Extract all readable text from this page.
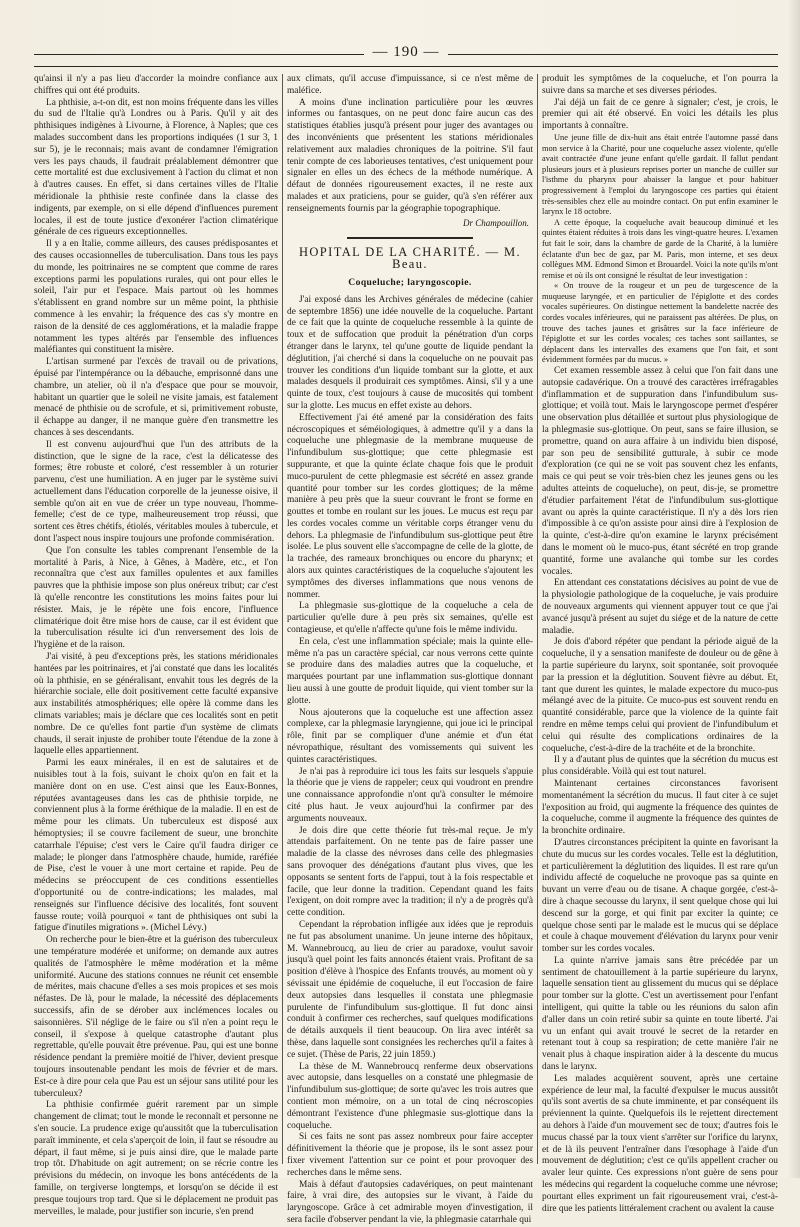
— 190 —

qu'ainsi il n'y a pas lieu d'accorder la moindre confiance aux chiffres qui ont été produits.

La phthisie, a-t-on dit, est non moins fréquente dans les villes du sud de l'Italie qu'à Londres ou à Paris. Qu'il y ait des phthisiques indigènes à Livourne, à Florence, à Naples; que ces malades succombent dans les proportions indiquées (1 sur 3, 1 sur 5), je le reconnais; mais avant de condamner l'émigration vers les pays chauds, il faudrait préalablement démontrer que cette mortalité est due exclusivement à l'action du climat et non à d'autres causes. En effet, si dans certaines villes de l'Italie méridionale la phthisie reste confinée dans la classe des indigents, par exemple, on si elle dépend d'influences purement locales, il est de toute justice d'exonérer l'action climatérique générale de ces rigueurs exceptionnelles.

Il y a en Italie, comme ailleurs, des causes prédisposantes et des causes occasionnelles de tuberculisation. Dans tous les pays du monde, les poitrinaires ne se comptent que comme de rares exceptions parmi les populations rurales, qui ont pour elles le soleil, l'air pur et l'espace. Mais partout où les hommes s'établissent en grand nombre sur un même point, la phthisie commence à les envahir; la fréquence des cas s'y montre en raison de la densité de ces agglomérations, et la maladie frappe notamment les types altérés par l'ensemble des influences maléfiantes qui constituent la misère.

L'artisan surmené par l'excès de travail ou de privations, épuisé par l'intempérance ou la débauche, emprisonné dans une chambre, un atelier, où il n'a d'espace que pour se mouvoir, habitant un quartier que le soleil ne visite jamais, est fatalement menacé de phthisie ou de scrofule, et si, primitivement robuste, il échappe au danger, il ne manque guère d'en transmettre les chances à ses descendants.

Il est convenu aujourd'hui que l'un des attributs de la distinction, que le signe de la race, c'est la délicatesse des formes; être robuste et coloré, c'est ressembler à un roturier parvenu, c'est une humiliation. A en juger par le système suivi actuellement dans l'éducation corporelle de la jeunesse oisive, il semble qu'on ait en vue de créer un type nouveau, l'homme-femelle; c'est de ce type, malheureusement trop réussi, que sortent ces êtres chétifs, étiolés, véritables moules à tubercule, et dont l'aspect nous inspire toujours une profonde commisération.

Que l'on consulte les tables comprenant l'ensemble de la mortalité à Paris, à Nice, à Gênes, à Madère, etc., et l'on reconnaîtra que c'est aux familles opulentes et aux familles pauvres que la phthisie impose son plus onéreux tribut; car c'est là qu'elle rencontre les constitutions les moins faites pour lui résister. Mais, je le répète une fois encore, l'influence climatérique doit être mise hors de cause, car il est évident que la tuberculisation résulte ici d'un renversement des lois de l'hygiène et de la raison.

J'ai visité, à peu d'exceptions près, les stations méridionales hantées par les poitrinaires, et j'ai constaté que dans les localités où la phthisie, en se généralisant, envahit tous les degrés de la hiérarchie sociale, elle doit positivement cette faculté expansive aux instabilités atmosphériques; elle opère là comme dans les climats variables; mais je déclare que ces localités sont en petit nombre. De ce qu'elles font partie d'un système de climats chauds, il serait injuste de prohiber toute l'étendue de la zone à laquelle elles appartiennent.

Parmi les eaux minérales, il en est de salutaires et de nuisibles tout à la fois, suivant le choix qu'on en fait et la manière dont on en use. C'est ainsi que les Eaux-Bonnes, réputées avantageuses dans les cas de phthisie torpide, ne conviennent plus à la forme éréthique de la maladie. Il en est de même pour les climats. Un tuberculeux est disposé aux hémoptysies; il se couvre facilement de sueur, une bronchite catarrhale l'épuise; c'est vers le Caire qu'il faudra diriger ce malade; le plonger dans l'atmosphère chaude, humide, raréfiée de Pise, c'est le vouer à une mort certaine et rapide. Peu de médecins se préoccupent de ces conditions essentielles d'opportunité ou de contre-indications; les malades, mal renseignés sur l'influence décisive des localités, font souvent fausse route; voilà pourquoi « tant de phthisiques ont subi la fatigue d'inutiles migrations ». (Michel Lévy.)

On recherche pour le bien-être et la guérison des tuberculeux une température modérée et uniforme; on demande aux autres qualités de l'atmosphère le même modération et la même uniformité. Aucune des stations connues ne réunit cet ensemble de mérites, mais chacune d'elles a ses mois propices et ses mois néfastes. De là, pour le malade, la nécessité des déplacements successifs, afin de se dérober aux inclémences locales ou saisonnières. S'il néglige de le faire ou s'il n'en a point reçu le conseil, il s'expose à quelque catastrophe d'autant plus regrettable, qu'elle pouvait être prévenue. Pau, qui est une bonne résidence pendant la première moitié de l'hiver, devient presque toujours insoutenable pendant les mois de février et de mars. Est-ce à dire pour cela que Pau est un séjour sans utilité pour les tuberculeux?

La phthisie confirmée guérit rarement par un simple changement de climat; tout le monde le reconnaît et personne ne s'en soucie. La prudence exige qu'aussitôt que la tuberculisation paraît imminente, et cela s'aperçoit de loin, il faut se résoudre au départ, il faut même, si je puis ainsi dire, que le malade parte trop tôt. D'habitude on agit autrement; on se récrie contre les prévisions du médecin, on invoque les bons antécédents de la famille, on tergiverse longtemps, et lorsqu'on se décide il est presque toujours trop tard. Que si le déplacement ne produit pas merveilles, le malade, pour justifier son incurie, s'en prend

aux climats, qu'il accuse d'impuissance, si ce n'est même de maléfice.

A moins d'une inclination particulière pour les œuvres informes ou fantasques, on ne peut donc faire aucun cas des statistiques établies jusqu'à présent pour juger des avantages ou des inconvénients que présentent les stations méridionales relativement aux maladies chroniques de la poitrine. S'il faut tenir compte de ces laborieuses tentatives, c'est uniquement pour signaler en elles un des échecs de la méthode numérique. A défaut de données rigoureusement exactes, il ne reste aux malades et aux praticiens, pour se guider, qu'à s'en référer aux renseignements fournis par la géographie topographique.

Dr Champouillon.
HOPITAL DE LA CHARITÉ. — M. Beau.
Coqueluche; laryngoscopie.

J'ai exposé dans les Archives générales de médecine (cahier de septembre 1856) une idée nouvelle de la coqueluche. Partant de ce fait que la quinte de coqueluche ressemble à la quinte de toux et de suffocation que produit la pénétration d'un corps étranger dans le larynx, tel qu'une goutte de liquide pendant la déglutition, j'ai cherché si dans la coqueluche on ne pouvait pas trouver les conditions d'un liquide tombant sur la glotte, et aux malades desquels il produirait ces symptômes. Ainsi, s'il y a une quinte de toux, c'est toujours à cause de mucosités qui tombent sur la glotte. Les mucus en effet existe au dehors.

Effectivement j'ai été amené par la considération des faits nécroscopiques et séméiologiques, à admettre qu'il y a dans la coqueluche une phlegmasie de la membrane muqueuse de l'infundibulum sus-glottique; que cette phlegmasie est suppurante, et que la quinte éclate chaque fois que le produit muco-purulent de cette phlegmasie est sécrété en assez grande quantité pour tomber sur les cordes glottiques; de la même manière à peu près que la sueur couvrant le front se forme en gouttes et tombe en roulant sur les joues. Le mucus est reçu par les cordes vocales comme un véritable corps étranger venu du dehors. La phlegmasie de l'infundibulum sus-glottique peut être isolée. Le plus souvent elle s'accompagne de celle de la glotte, de la trachée, des rameaux bronchiques ou encore du pharynx; et alors aux quintes caractéristiques de la coqueluche s'ajoutent les symptômes des diverses inflammations que nous venons de nommer.

La phlegmasie sus-glottique de la coqueluche a cela de particulier qu'elle dure à peu près six semaines, qu'elle est contagieuse, et qu'elle n'affecte qu'une fois le même individu.

En cela, c'est une inflammation spéciale; mais la quinte elle-même n'a pas un caractère spécial, car nous verrons cette quinte se produire dans des maladies autres que la coqueluche, et marquées pourtant par une inflammation sus-glottique donnant lieu aussi à une goutte de produit liquide, qui vient tomber sur la glotte.

Nous ajouterons que la coqueluche est une affection assez complexe, car la phlegmasie laryngienne, qui joue ici le principal rôle, finit par se compliquer d'une anémie et d'un état névropathique, résultant des vomissements qui suivent les quintes caractéristiques.

Je n'ai pas à reproduire ici tous les faits sur lesquels s'appuie la théorie que je viens de rappeler; ceux qui voudront en prendre une connaissance approfondie n'ont qu'à consulter le mémoire cité plus haut. Je veux aujourd'hui la confirmer par des arguments nouveaux.

Je dois dire que cette théorie fut très-mal reçue. Je m'y attendais parfaitement. On ne tente pas de faire passer une maladie de la classe des névroses dans celle des phlegmasies sans provoquer des dénégations d'autant plus vives, que les opposants se sentent forts de l'appui, tout à la fois respectable et facile, que leur donne la tradition. Cependant quand les faits l'exigent, on doit rompre avec la tradition; il n'y a de progrès qu'à cette condition.

Cependant la réprobation infligée aux idées que je reproduis ne fut pas absolument unanime. Un jeune interne des hôpitaux, M. Wannebroucq, au lieu de crier au paradoxe, voulut savoir jusqu'à quel point les faits annoncés étaient vrais. Profitant de sa position d'élève à l'hospice des Enfants trouvés, au moment où y sévissait une épidémie de coqueluche, il eut l'occasion de faire deux autopsies dans lesquelles il constata une phlegmasie purulente de l'infundibulum sus-glottique. Il fut donc ainsi conduit à confirmer ces recherches, sauf quelques modifications de détails auxquels il tient beaucoup. On lira avec intérêt sa thèse, dans laquelle sont consignées les recherches qu'il a faites à ce sujet. (Thèse de Paris, 22 juin 1859.)

La thèse de M. Wannebroucq renferme deux observations avec autopsie, dans lesquelles on a constaté une phlegmasie de l'infundibulum sus-glottique; de sorte qu'avec les trois autres que contient mon mémoire, on a un total de cinq nécroscopies démontrant l'existence d'une phlegmasie sus-glottique dans la coqueluche.

Si ces faits ne sont pas assez nombreux pour faire accepter définitivement la théorie que je propose, ils le sont assez pour fixer vivement l'attention sur ce point et pour provoquer des recherches dans le même sens.

Mais à défaut d'autopsies cadavériques, on peut maintenant faire, à vrai dire, des autopsies sur le vivant, à l'aide du laryngoscope. Grâce à cet admirable moyen d'investigation, il sera facile d'observer pendant la vie, la phlegmasie catarrhale qui

produit les symptômes de la coqueluche, et l'on pourra la suivre dans sa marche et ses diverses périodes.

J'ai déjà un fait de ce genre à signaler; c'est, je crois, le premier qui ait été observé. En voici les détails les plus importants à connaître.

Une jeune fille de dix-huit ans était entrée l'automne passé dans mon service à la Charité, pour une coqueluche assez violente, qu'elle avait contractée d'une jeune enfant qu'elle gardait. Il fallut pendant plusieurs jours et à plusieurs reprises porter un manche de cuiller sur l'isthme du pharynx pour abaisser la langue et pour habituer progressivement à l'emploi du laryngoscope ces parties qui étaient très-sensibles chez elle au moindre contact. On put enfin examiner le larynx le 18 octobre.

A cette époque, la coqueluche avait beaucoup diminué et les quintes étaient réduites à trois dans les vingt-quatre heures. L'examen fut fait le soir, dans la chambre de garde de la Charité, à la lumière éclatante d'un bec de gaz, par M. Paris, mon interne, et ses deux collègues MM. Edmond Simon et Brouardel. Voici la note qu'ils m'ont remise et où ils ont consigné le résultat de leur investigation :

« On trouve de la rougeur et un peu de turgescence de la muqueuse laryngée, et en particulier de l'épiglotte et des cordes vocales supérieures. On distingue nettement la bandelette nacrée des cordes vocales inférieures, qui ne paraissent pas altérées. De plus, on trouve des taches jaunes et grisâtres sur la face inférieure de l'épiglotte et sur les cordes vocales; ces taches sont saillantes, se déplacent dans les intervalles des examens que l'on fait, et sont évidemment formées par du mucus. »

Cet examen ressemble assez à celui que l'on fait dans une autopsie cadavérique. On a trouvé des caractères irréfragables d'inflammation et de suppuration dans l'infundibulum sus-glottique; et voilà tout. Mais le laryngoscope permet d'espérer une observation plus détaillée et surtout plus physiologique de la phlegmasie sus-glottique. On peut, sans se faire illusion, se promettre, quand on aura affaire à un individu bien disposé, par son peu de sensibilité gutturale, à subir ce mode d'exploration (ce qui ne se voit pas souvent chez les enfants, mais ce qui peut se voir très-bien chez les jeunes gens ou les adultes atteints de coqueluche), on peut, dis-je, se promettre d'étudier parfaitement l'état de l'infundibulum sus-glottique avant ou après la quinte caractéristique. Il n'y a dès lors rien d'impossible à ce qu'on assiste pour ainsi dire à l'explosion de la quinte, c'est-à-dire qu'on examine le larynx précisément dans le moment où le muco-pus, étant sécrété en trop grande quantité, forme une avalanche qui tombe sur les cordes vocales.

En attendant ces constatations décisives au point de vue de la physiologie pathologique de la coqueluche, je vais produire de nouveaux arguments qui viennent appuyer tout ce que j'ai avancé jusqu'à présent au sujet du siége et de la nature de cette maladie.

Je dois d'abord répéter que pendant la période aiguë de la coqueluche, il y a sensation manifeste de douleur ou de gêne à la partie supérieure du larynx, soit spontanée, soit provoquée par la pression et la déglutition. Souvent fièvre au début. Et, tant que durent les quintes, le malade expectore du muco-pus mélangé avec de la pituite. Ce muco-pus est souvent rendu en quantité considérable, parce que la violence de la quinte fait rendre en même temps celui qui provient de l'infundibulum et celui qui résulte des complications ordinaires de la coqueluche, c'est-à-dire de la trachéite et de la bronchite.

Il y a d'autant plus de quintes que la sécrétion du mucus est plus considérable. Voilà qui est tout naturel.

Maintenant certaines circonstances favorisent momentanément la sécrétion du mucus. Il faut citer à ce sujet l'exposition au froid, qui augmente la fréquence des quintes de la coqueluche, comme il augmente la fréquence des quintes de la bronchite ordinaire.

D'autres circonstances précipitent la quinte en favorisant la chute du mucus sur les cordes vocales. Telle est la déglutition, et particulièrement la déglutition des liquides. Il est rare qu'un individu affecté de coqueluche ne provoque pas sa quinte en buvant un verre d'eau ou de tisane. A chaque gorgée, c'est-à-dire à chaque secousse du larynx, il sent quelque chose qui lui descend sur la gorge, et qui finit par exciter la quinte; ce quelque chose senti par le malade est le mucus qui se déplace et coule à chaque mouvement d'élévation du larynx pour venir tomber sur les cordes vocales.

La quinte n'arrive jamais sans être précédée par un sentiment de chatouillement à la partie supérieure du larynx, laquelle sensation tient au glissement du mucus qui se déplace pour tomber sur la glotte. C'est un avertissement pour l'enfant intelligent, qui quitte la table ou les réunions du salon afin d'aller dans un coin retiré subir sa quinte en toute liberté. J'ai vu un enfant qui avait trouvé le secret de la retarder en retenant tout à coup sa respiration; de cette manière l'air ne venait plus à chaque inspiration aider à la descente du mucus dans le larynx.

Les malades acquièrent souvent, après une certaine expérience de leur mal, la faculté d'expulser le mucus aussitôt qu'ils sont avertis de sa chute imminente, et par conséquent ils préviennent la quinte. Quelquefois ils le rejettent directement au dehors à l'aide d'un mouvement sec de toux; d'autres fois le mucus chassé par la toux vient s'arrêter sur l'orifice du larynx, et de là ils peuvent l'entraîner dans l'œsophage à l'aide d'un mouvement de déglutition; c'est ce qu'ils appellent cracher ou avaler leur quinte. Ces expressions n'ont guère de sens pour les médecins qui regardent la coqueluche comme une névrose; pourtant elles expriment un fait rigoureusement vrai, c'est-à-dire que les patients littéralement crachent ou avalent la cause
